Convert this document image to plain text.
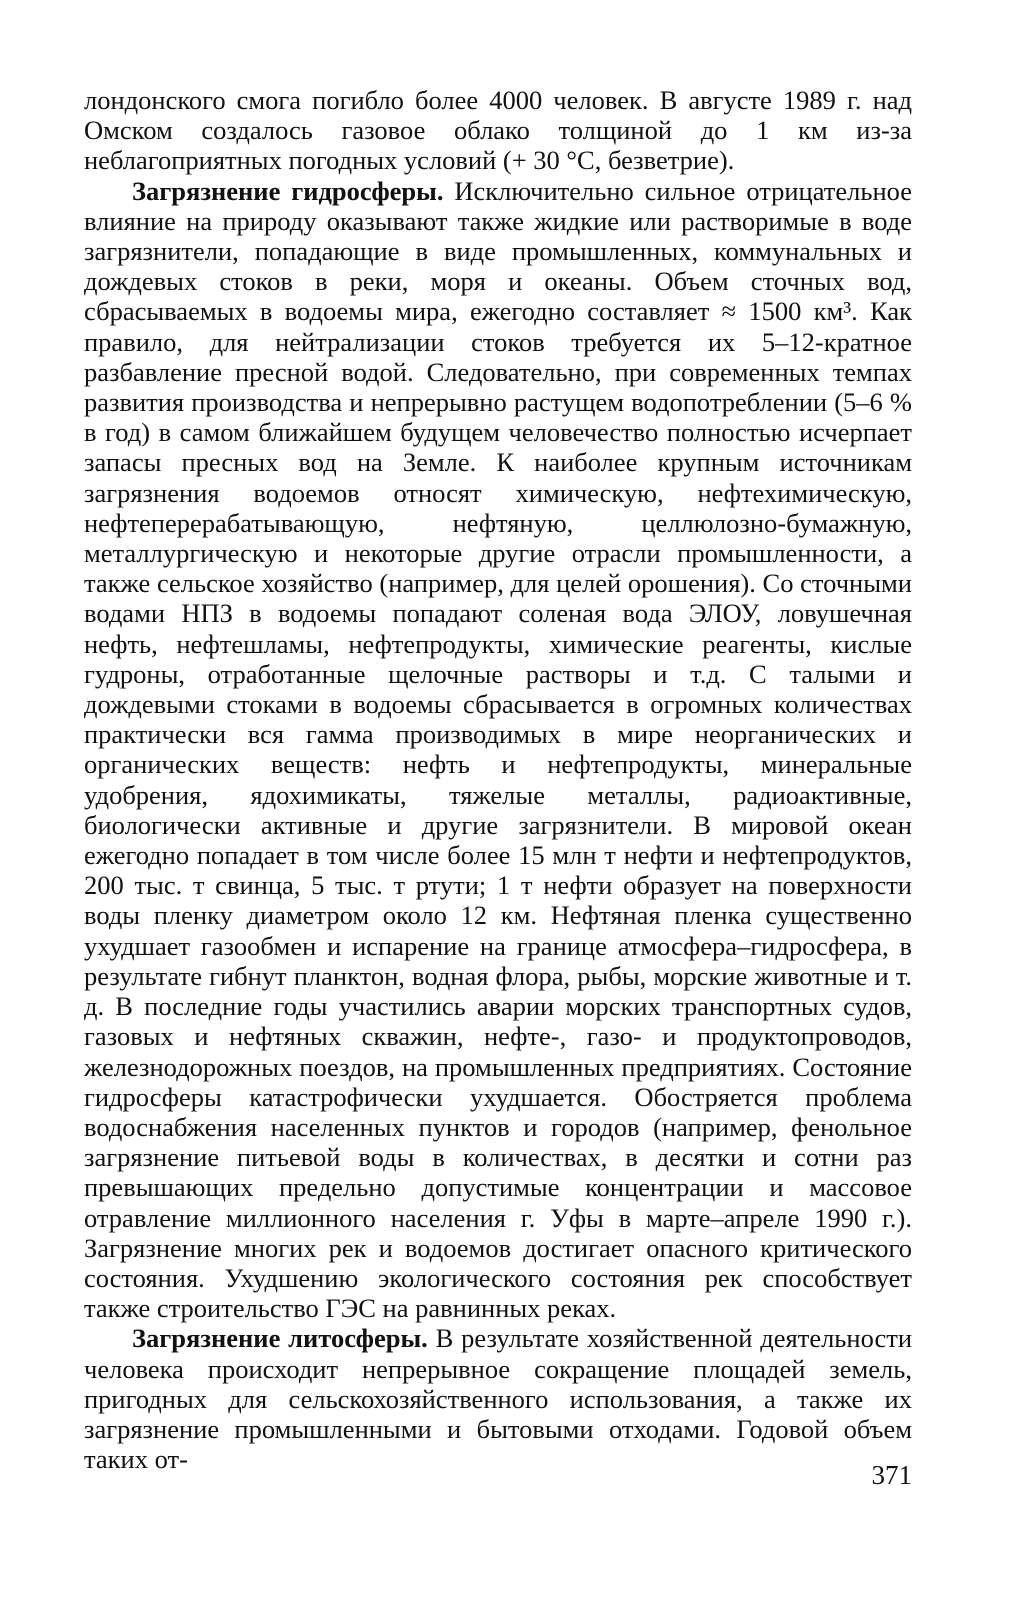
лондонского смога погибло более 4000 человек. В августе 1989 г. над Омском создалось газовое облако толщиной до 1 км из-за неблагоприятных погодных условий (+ 30 °С, безветрие).

Загрязнение гидросферы. Исключительно сильное отрицательное влияние на природу оказывают также жидкие или растворимые в воде загрязнители, попадающие в виде промышленных, коммунальных и дождевых стоков в реки, моря и океаны. Объем сточных вод, сбрасываемых в водоемы мира, ежегодно составляет ≈ 1500 км³. Как правило, для нейтрализации стоков требуется их 5–12-кратное разбавление пресной водой. Следовательно, при современных темпах развития производства и непрерывно растущем водопотреблении (5–6 % в год) в самом ближайшем будущем человечество полностью исчерпает запасы пресных вод на Земле. К наиболее крупным источникам загрязнения водоемов относят химическую, нефтехимическую, нефтеперерабатывающую, нефтяную, целлюлозно-бумажную, металлургическую и некоторые другие отрасли промышленности, а также сельское хозяйство (например, для целей орошения). Со сточными водами НПЗ в водоемы попадают соленая вода ЭЛОУ, ловушечная нефть, нефтешламы, нефтепродукты, химические реагенты, кислые гудроны, отработанные щелочные растворы и т.д. С талыми и дождевыми стоками в водоемы сбрасывается в огромных количествах практически вся гамма производимых в мире неорганических и органических веществ: нефть и нефтепродукты, минеральные удобрения, ядохимикаты, тяжелые металлы, радиоактивные, биологически активные и другие загрязнители. В мировой океан ежегодно попадает в том числе более 15 млн т нефти и нефтепродуктов, 200 тыс. т свинца, 5 тыс. т ртути; 1 т нефти образует на поверхности воды пленку диаметром около 12 км. Нефтяная пленка существенно ухудшает газообмен и испарение на границе атмосфера–гидросфера, в результате гибнут планктон, водная флора, рыбы, морские животные и т. д. В последние годы участились аварии морских транспортных судов, газовых и нефтяных скважин, нефте-, газо- и продуктопроводов, железнодорожных поездов, на промышленных предприятиях. Состояние гидросферы катастрофически ухудшается. Обостряется проблема водоснабжения населенных пунктов и городов (например, фенольное загрязнение питьевой воды в количествах, в десятки и сотни раз превышающих предельно допустимые концентрации и массовое отравление миллионного населения г. Уфы в марте–апреле 1990 г.). Загрязнение многих рек и водоемов достигает опасного критического состояния. Ухудшению экологического состояния рек способствует также строительство ГЭС на равнинных реках.

Загрязнение литосферы. В результате хозяйственной деятельности человека происходит непрерывное сокращение площадей земель, пригодных для сельскохозяйственного использования, а также их загрязнение промышленными и бытовыми отходами. Годовой объем таких от-

371
